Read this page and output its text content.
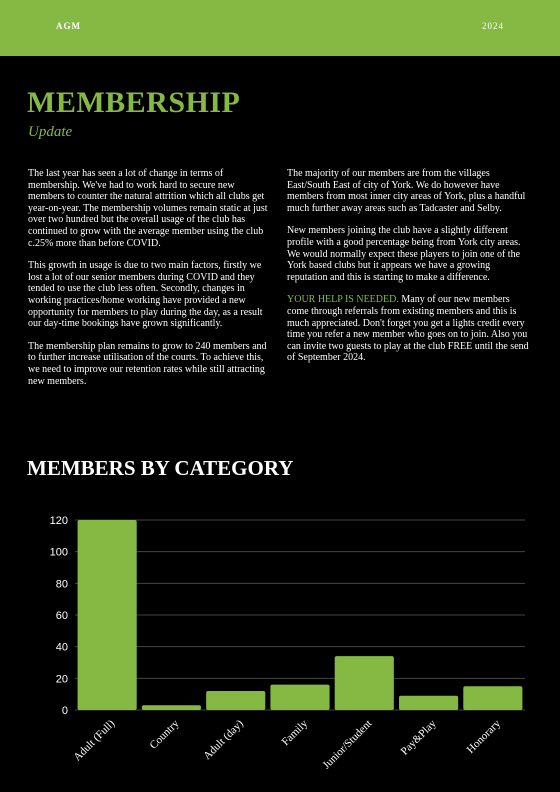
AGM	2024
MEMBERSHIP
Update

The last year has seen a lot of change in terms of membership. We've had to work hard to secure new members to counter the natural attrition which all clubs get year-on-year. The membership volumes remain static at just over two hundred but the overall usage of the club has continued to grow with the average member using the club c.25% more than before COVID.

This growth in usage is due to two main factors, firstly we lost a lot of our senior members during COVID and they tended to use the club less often. Secondly, changes in working practices/home working have provided a new opportunity for members to play during the day, as a result our day-time bookings have grown significantly.

The membership plan remains to grow to 240 members and to further increase utilisation of the courts. To achieve this, we need to improve our retention rates while still attracting new members.

The majority of our members are from the villages East/South East of city of York. We do however have members from most inner city areas of York, plus a handful much further away areas such as Tadcaster and Selby.

New members joining the club have a slightly different profile with a good percentage being from York city areas. We would normally expect these players to join one of the York based clubs but it appears we have a growing reputation and this is starting to make a difference.

YOUR HELP IS NEEDED. Many of our new members come through referrals from existing members and this is much appreciated. Don't forget you get a lights credit every time you refer a new member who goes on to join. Also you can invite two guests to play at the club FREE until the send of September 2024.

MEMBERS BY CATEGORY
0
20
40
60
80
100
120
Adult (Full)	Country Adult (day)	Family Junior/Student Pay&Play Honorary
